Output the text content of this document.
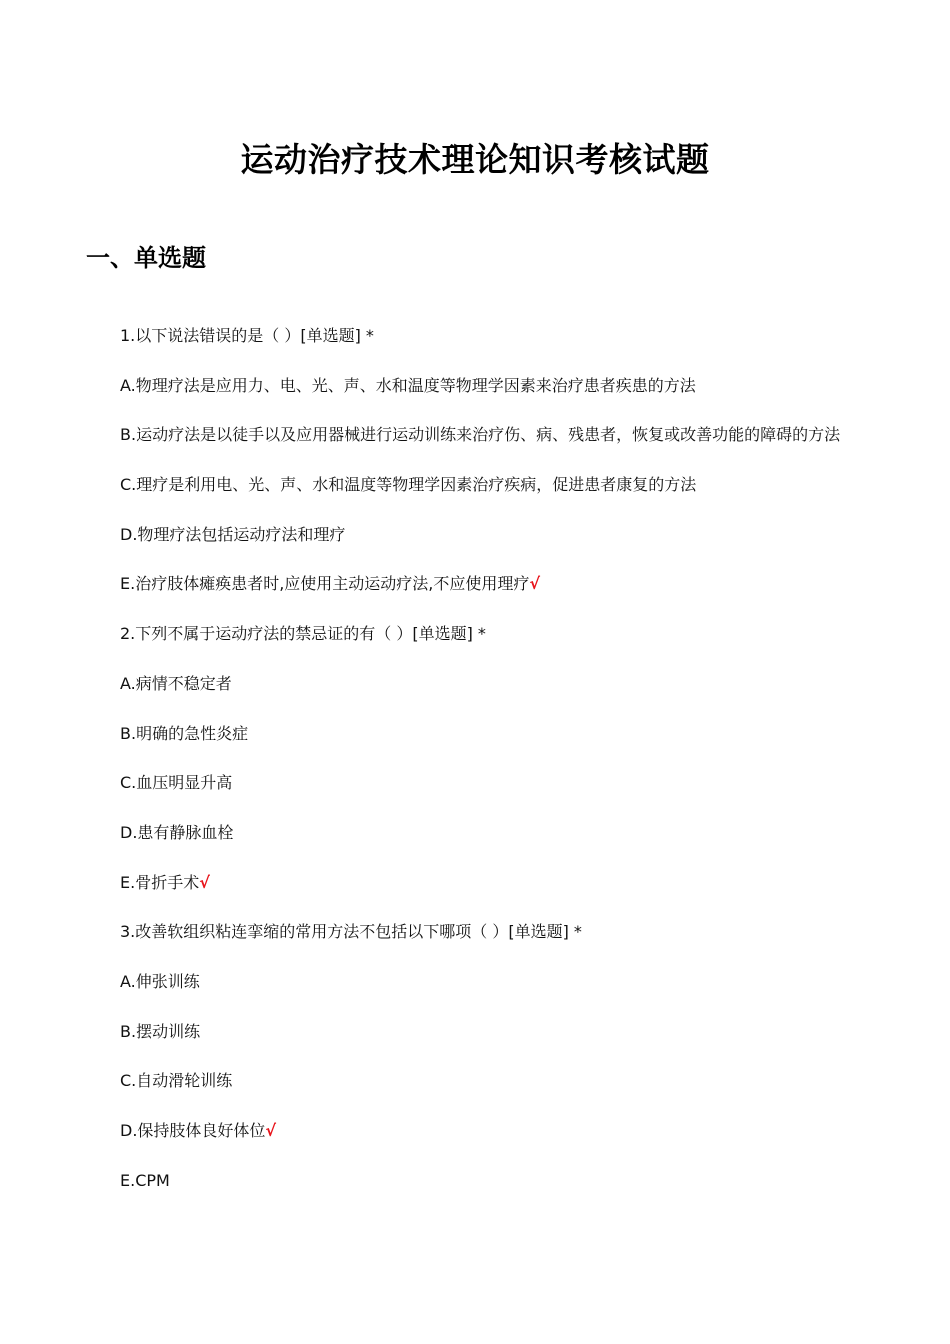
运动治疗技术理论知识考核试题
一、单选题
1.以下说法错误的是（ ）[单选题] *
A.物理疗法是应用力、电、光、声、水和温度等物理学因素来治疗患者疾患的方法
B.运动疗法是以徒手以及应用器械进行运动训练来治疗伤、病、残患者，恢复或改善功能的障碍的方法
C.理疗是利用电、光、声、水和温度等物理学因素治疗疾病，促进患者康复的方法
D.物理疗法包括运动疗法和理疗
E.治疗肢体瘫痪患者时,应使用主动运动疗法,不应使用理疗√
2.下列不属于运动疗法的禁忌证的有（ ）[单选题] *
A.病情不稳定者
B.明确的急性炎症
C.血压明显升高
D.患有静脉血栓
E.骨折手术√
3.改善软组织粘连挛缩的常用方法不包括以下哪项（ ）[单选题] *
A.伸张训练
B.摆动训练
C.自动滑轮训练
D.保持肢体良好体位√
E.CPM
